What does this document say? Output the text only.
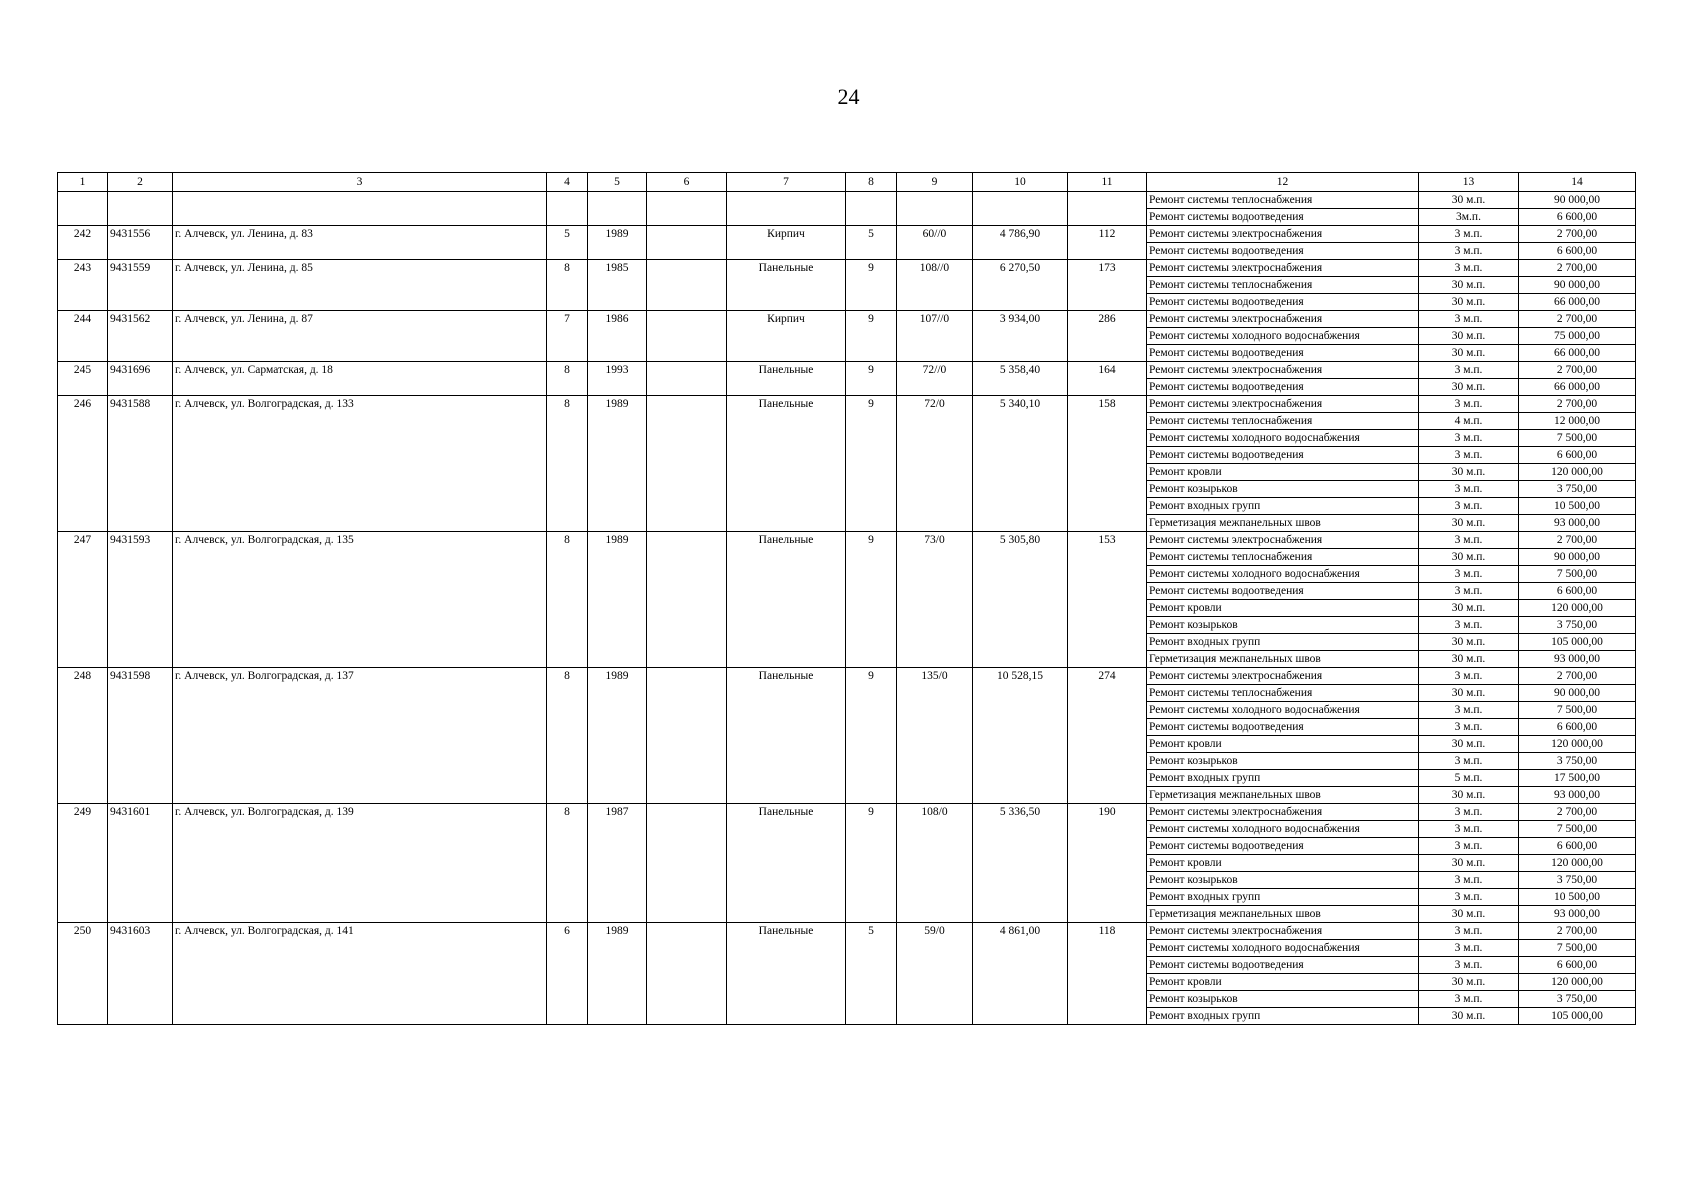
24
1	2	3	4	5	6	7	8	9	10	11	12	13	14
											Ремонт системы теплоснабжения	30 м.п.	90 000,00
											Ремонт системы водоотведения	3м.п.	6 600,00
242	9431556	г. Алчевск, ул. Ленина, д. 83	5	1989		Кирпич	5	60//0	4 786,90	112	Ремонт системы электроснабжения	3 м.п.	2 700,00
											Ремонт системы водоотведения	3 м.п.	6 600,00
243	9431559	г. Алчевск, ул. Ленина, д. 85	8	1985		Панельные	9	108//0	6 270,50	173	Ремонт системы электроснабжения	3 м.п.	2 700,00
											Ремонт системы теплоснабжения	30 м.п.	90 000,00
											Ремонт системы водоотведения	30 м.п.	66 000,00
244	9431562	г. Алчевск, ул. Ленина, д. 87	7	1986		Кирпич	9	107//0	3 934,00	286	Ремонт системы электроснабжения	3 м.п.	2 700,00
											Ремонт системы холодного водоснабжения	30 м.п.	75 000,00
											Ремонт системы водоотведения	30 м.п.	66 000,00
245	9431696	г. Алчевск, ул. Сарматская, д. 18	8	1993		Панельные	9	72//0	5 358,40	164	Ремонт системы электроснабжения	3 м.п.	2 700,00
											Ремонт системы водоотведения	30 м.п.	66 000,00
246	9431588	г. Алчевск, ул. Волгоградская, д. 133	8	1989		Панельные	9	72/0	5 340,10	158	Ремонт системы электроснабжения	3 м.п.	2 700,00
											Ремонт системы теплоснабжения	4 м.п.	12 000,00
											Ремонт системы холодного водоснабжения	3 м.п.	7 500,00
											Ремонт системы водоотведения	3 м.п.	6 600,00
											Ремонт кровли	30 м.п.	120 000,00
											Ремонт козырьков	3 м.п.	3 750,00
											Ремонт входных групп	3 м.п.	10 500,00
											Герметизация межпанельных швов	30 м.п.	93 000,00
247	9431593	г. Алчевск, ул. Волгоградская, д. 135	8	1989		Панельные	9	73/0	5 305,80	153	Ремонт системы электроснабжения	3 м.п.	2 700,00
											Ремонт системы теплоснабжения	30 м.п.	90 000,00
											Ремонт системы холодного водоснабжения	3 м.п.	7 500,00
											Ремонт системы водоотведения	3 м.п.	6 600,00
											Ремонт кровли	30 м.п.	120 000,00
											Ремонт козырьков	3 м.п.	3 750,00
											Ремонт входных групп	30 м.п.	105 000,00
											Герметизация межпанельных швов	30 м.п.	93 000,00
248	9431598	г. Алчевск, ул. Волгоградская, д. 137	8	1989		Панельные	9	135/0	10 528,15	274	Ремонт системы электроснабжения	3 м.п.	2 700,00
											Ремонт системы теплоснабжения	30 м.п.	90 000,00
											Ремонт системы холодного водоснабжения	3 м.п.	7 500,00
											Ремонт системы водоотведения	3 м.п.	6 600,00
											Ремонт кровли	30 м.п.	120 000,00
											Ремонт козырьков	3 м.п.	3 750,00
											Ремонт входных групп	5 м.п.	17 500,00
											Герметизация межпанельных швов	30 м.п.	93 000,00
249	9431601	г. Алчевск, ул. Волгоградская, д. 139	8	1987		Панельные	9	108/0	5 336,50	190	Ремонт системы электроснабжения	3 м.п.	2 700,00
											Ремонт системы холодного водоснабжения	3 м.п.	7 500,00
											Ремонт системы водоотведения	3 м.п.	6 600,00
											Ремонт кровли	30 м.п.	120 000,00
											Ремонт козырьков	3 м.п.	3 750,00
											Ремонт входных групп	3 м.п.	10 500,00
											Герметизация межпанельных швов	30 м.п.	93 000,00
250	9431603	г. Алчевск, ул. Волгоградская, д. 141	6	1989		Панельные	5	59/0	4 861,00	118	Ремонт системы электроснабжения	3 м.п.	2 700,00
											Ремонт системы холодного водоснабжения	3 м.п.	7 500,00
											Ремонт системы водоотведения	3 м.п.	6 600,00
											Ремонт кровли	30 м.п.	120 000,00
											Ремонт козырьков	3 м.п.	3 750,00
											Ремонт входных групп	30 м.п.	105 000,00
